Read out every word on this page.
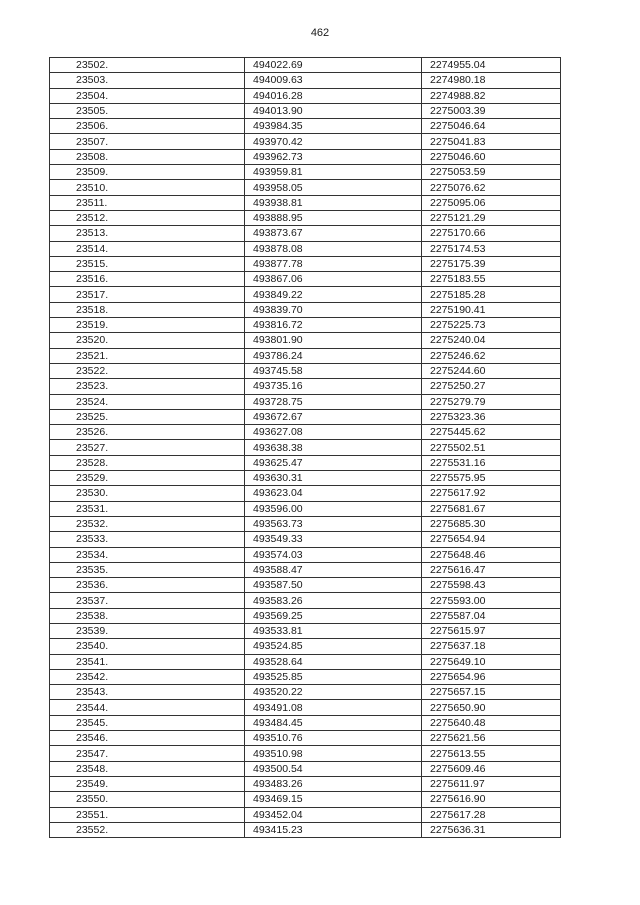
462
23502.	494022.69	2274955.04
23503.	494009.63	2274980.18
23504.	494016.28	2274988.82
23505.	494013.90	2275003.39
23506.	493984.35	2275046.64
23507.	493970.42	2275041.83
23508.	493962.73	2275046.60
23509.	493959.81	2275053.59
23510.	493958.05	2275076.62
23511.	493938.81	2275095.06
23512.	493888.95	2275121.29
23513.	493873.67	2275170.66
23514.	493878.08	2275174.53
23515.	493877.78	2275175.39
23516.	493867.06	2275183.55
23517.	493849.22	2275185.28
23518.	493839.70	2275190.41
23519.	493816.72	2275225.73
23520.	493801.90	2275240.04
23521.	493786.24	2275246.62
23522.	493745.58	2275244.60
23523.	493735.16	2275250.27
23524.	493728.75	2275279.79
23525.	493672.67	2275323.36
23526.	493627.08	2275445.62
23527.	493638.38	2275502.51
23528.	493625.47	2275531.16
23529.	493630.31	2275575.95
23530.	493623.04	2275617.92
23531.	493596.00	2275681.67
23532.	493563.73	2275685.30
23533.	493549.33	2275654.94
23534.	493574.03	2275648.46
23535.	493588.47	2275616.47
23536.	493587.50	2275598.43
23537.	493583.26	2275593.00
23538.	493569.25	2275587.04
23539.	493533.81	2275615.97
23540.	493524.85	2275637.18
23541.	493528.64	2275649.10
23542.	493525.85	2275654.96
23543.	493520.22	2275657.15
23544.	493491.08	2275650.90
23545.	493484.45	2275640.48
23546.	493510.76	2275621.56
23547.	493510.98	2275613.55
23548.	493500.54	2275609.46
23549.	493483.26	2275611.97
23550.	493469.15	2275616.90
23551.	493452.04	2275617.28
23552.	493415.23	2275636.31
